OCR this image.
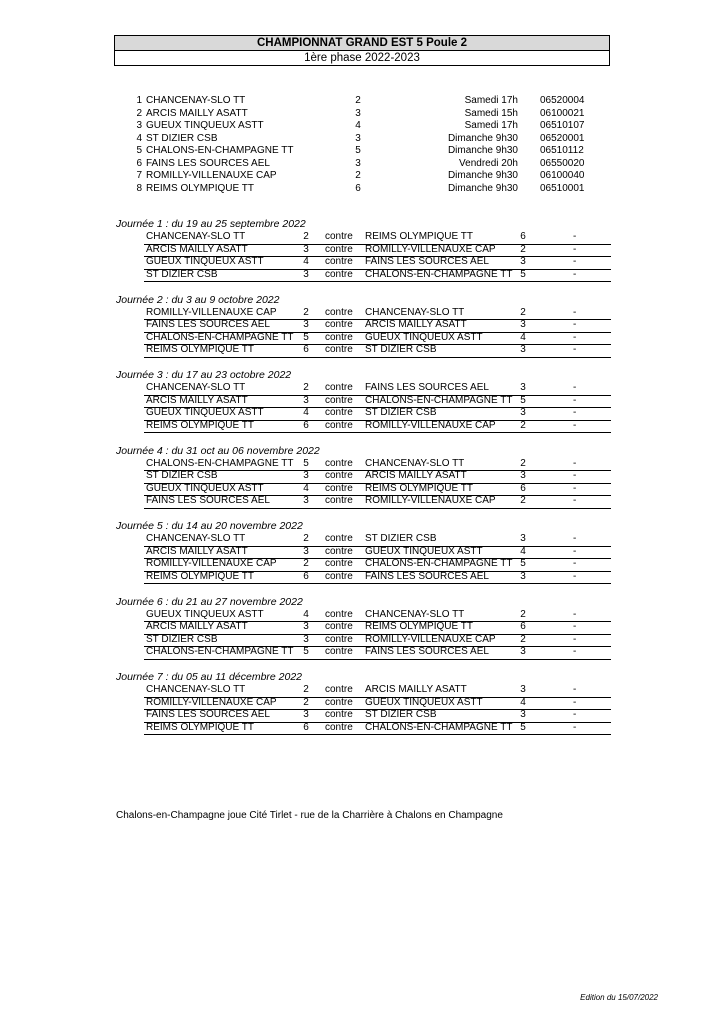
CHAMPIONNAT GRAND EST 5 Poule 2
1ère phase 2022-2023
1 CHANCENAY-SLO TT	2	Samedi 17h 06520004
2 ARCIS MAILLY ASATT	3	Samedi 15h 06100021
3 GUEUX TINQUEUX ASTT	4	Samedi 17h 06510107
4 ST DIZIER CSB	3	Dimanche 9h30 06520001
5 CHALONS-EN-CHAMPAGNE TT	5	Dimanche 9h30 06510112
6 FAINS LES SOURCES AEL	3	Vendredi 20h 06550020
7 ROMILLY-VILLENAUXE CAP	2	Dimanche 9h30 06100040
8 REIMS OLYMPIQUE TT	6	Dimanche 9h30 06510001
Journée 1 : du 19 au 25 septembre 2022
CHANCENAY-SLO TT	2 contre REIMS OLYMPIQUE TT	6	-
ARCIS MAILLY ASATT	3 contre ROMILLY-VILLENAUXE CAP 2	-
GUEUX TINQUEUX ASTT	4 contre FAINS LES SOURCES AEL	3	-
ST DIZIER CSB	3 contre CHALONS-EN-CHAMPAGNE TT 5	-
Journée 2 : du 3 au 9 octobre 2022
ROMILLY-VILLENAUXE CAP	2 contre CHANCENAY-SLO TT	2	-
FAINS LES SOURCES AEL	3 contre ARCIS MAILLY ASATT	3	-
CHALONS-EN-CHAMPAGNE TT 5 contre GUEUX TINQUEUX ASTT	4	-
REIMS OLYMPIQUE TT	6 contre ST DIZIER CSB	3	-
Journée 3 : du 17 au 23 octobre 2022
CHANCENAY-SLO TT	2 contre FAINS LES SOURCES AEL	3	-
ARCIS MAILLY ASATT	3 contre CHALONS-EN-CHAMPAGNE TT 5	-
GUEUX TINQUEUX ASTT	4 contre ST DIZIER CSB	3	-
REIMS OLYMPIQUE TT	6 contre ROMILLY-VILLENAUXE CAP 2	-
Journée 4 : du 31 oct au 06 novembre 2022
CHALONS-EN-CHAMPAGNE TT 5 contre CHANCENAY-SLO TT	2	-
ST DIZIER CSB	3 contre ARCIS MAILLY ASATT	3	-
GUEUX TINQUEUX ASTT	4 contre REIMS OLYMPIQUE TT	6	-
FAINS LES SOURCES AEL	3 contre ROMILLY-VILLENAUXE CAP 2	-
Journée 5 : du 14 au 20 novembre 2022
CHANCENAY-SLO TT	2 contre ST DIZIER CSB	3	-
ARCIS MAILLY ASATT	3 contre GUEUX TINQUEUX ASTT	4	-
ROMILLY-VILLENAUXE CAP	2 contre CHALONS-EN-CHAMPAGNE TT 5	-
REIMS OLYMPIQUE TT	6 contre FAINS LES SOURCES AEL	3	-
Journée 6 : du 21 au 27 novembre 2022
GUEUX TINQUEUX ASTT	4 contre CHANCENAY-SLO TT	2	-
ARCIS MAILLY ASATT	3 contre REIMS OLYMPIQUE TT	6	-
ST DIZIER CSB	3 contre ROMILLY-VILLENAUXE CAP 2	-
CHALONS-EN-CHAMPAGNE TT 5 contre FAINS LES SOURCES AEL	3	-
Journée 7 : du 05 au 11 décembre 2022
CHANCENAY-SLO TT	2 contre ARCIS MAILLY ASATT	3	-
ROMILLY-VILLENAUXE CAP	2 contre GUEUX TINQUEUX ASTT	4	-
FAINS LES SOURCES AEL	3 contre ST DIZIER CSB	3	-
REIMS OLYMPIQUE TT	6 contre CHALONS-EN-CHAMPAGNE TT 5	-
Chalons-en-Champagne joue Cité Tirlet - rue de la Charrière à Chalons en Champagne
Edition du 15/07/2022
